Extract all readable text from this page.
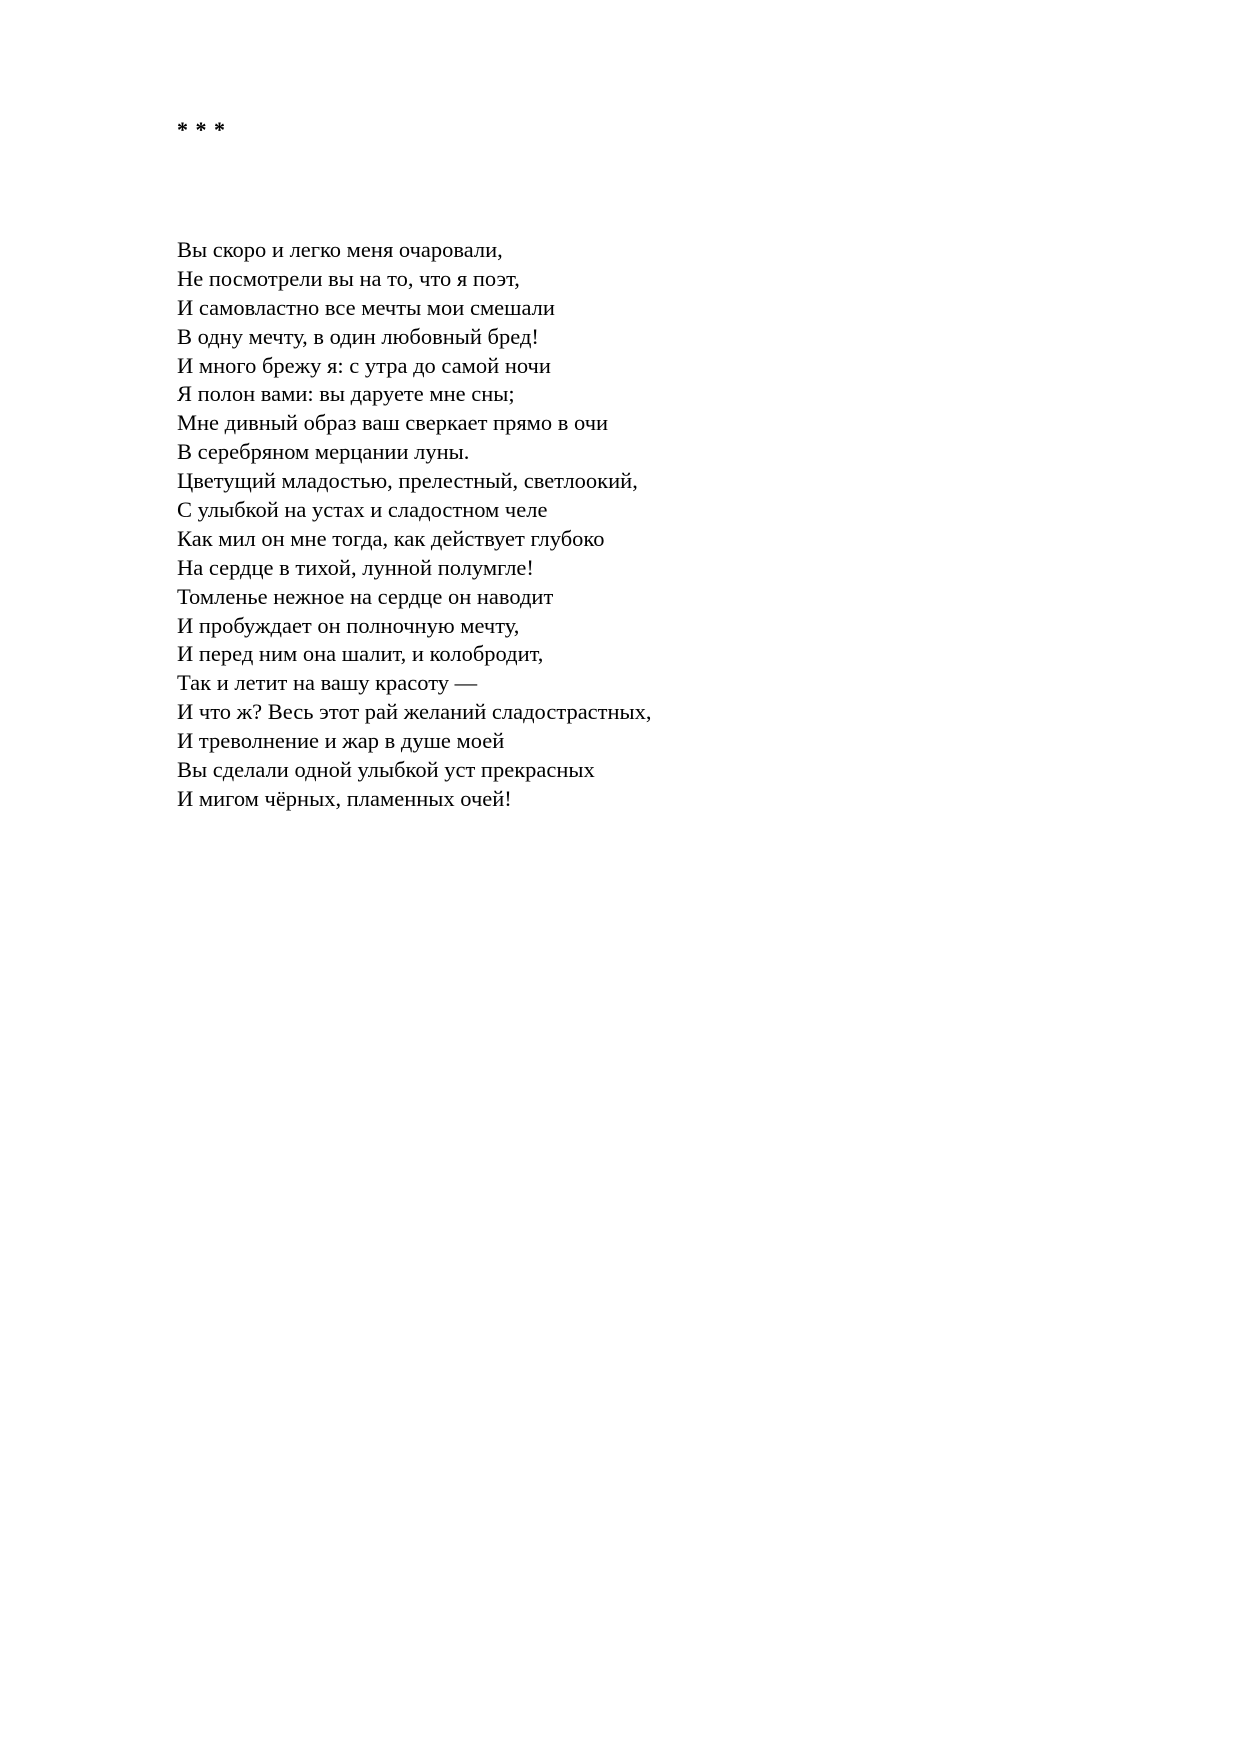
* * *
Вы скоро и легко меня очаровали,
Не посмотрели вы на то, что я поэт,
И самовластно все мечты мои смешали
В одну мечту, в один любовный бред!
И много брежу я: с утра до самой ночи
Я полон вами: вы даруете мне сны;
Мне дивный образ ваш сверкает прямо в очи
В серебряном мерцании луны.
Цветущий младостью, прелестный, светлоокий,
С улыбкой на устах и сладостном челе
Как мил он мне тогда, как действует глубоко
На сердце в тихой, лунной полумгле!
Томленье нежное на сердце он наводит
И пробуждает он полночную мечту,
И перед ним она шалит, и колобродит,
Так и летит на вашу красоту —
И что ж? Весь этот рай желаний сладострастных,
И треволнение и жар в душе моей
Вы сделали одной улыбкой уст прекрасных
И мигом чёрных, пламенных очей!
